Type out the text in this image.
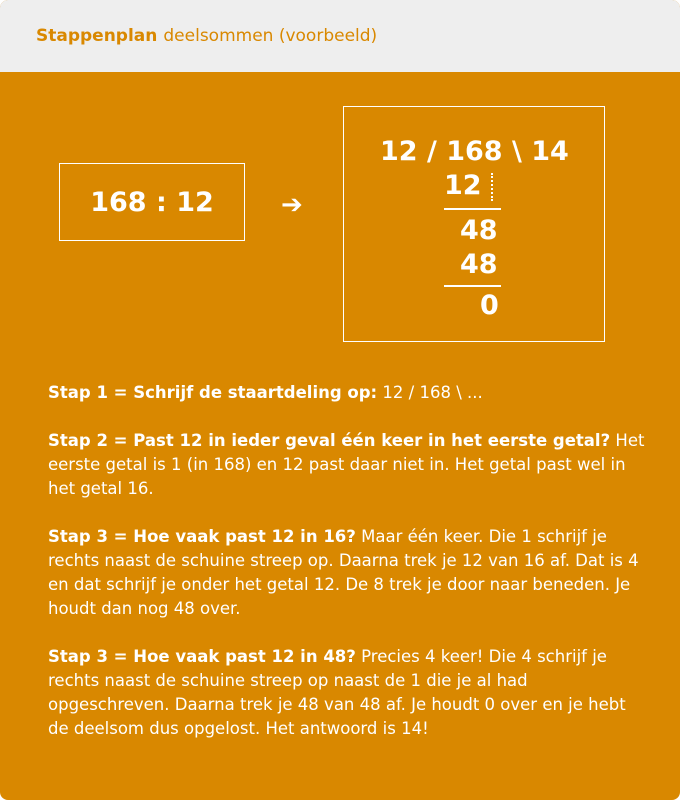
Stappenplan deelsommen (voorbeeld)
168 : 12	➔
12 / 168 \ 14
12
48
48
0

Stap 1 = Schrijf de staartdeling op: 12 / 168 \ ...

Stap 2 = Past 12 in ieder geval één keer in het eerste getal? Het eerste getal is 1 (in 168) en 12 past daar niet in. Het getal past wel in het getal 16.

Stap 3 = Hoe vaak past 12 in 16? Maar één keer. Die 1 schrijf je rechts naast de schuine streep op. Daarna trek je 12 van 16 af. Dat is 4 en dat schrijf je onder het getal 12. De 8 trek je door naar beneden. Je houdt dan nog 48 over.

Stap 3 = Hoe vaak past 12 in 48? Precies 4 keer! Die 4 schrijf je rechts naast de schuine streep op naast de 1 die je al had opgeschreven. Daarna trek je 48 van 48 af. Je houdt 0 over en je hebt de deelsom dus opgelost. Het antwoord is 14!
